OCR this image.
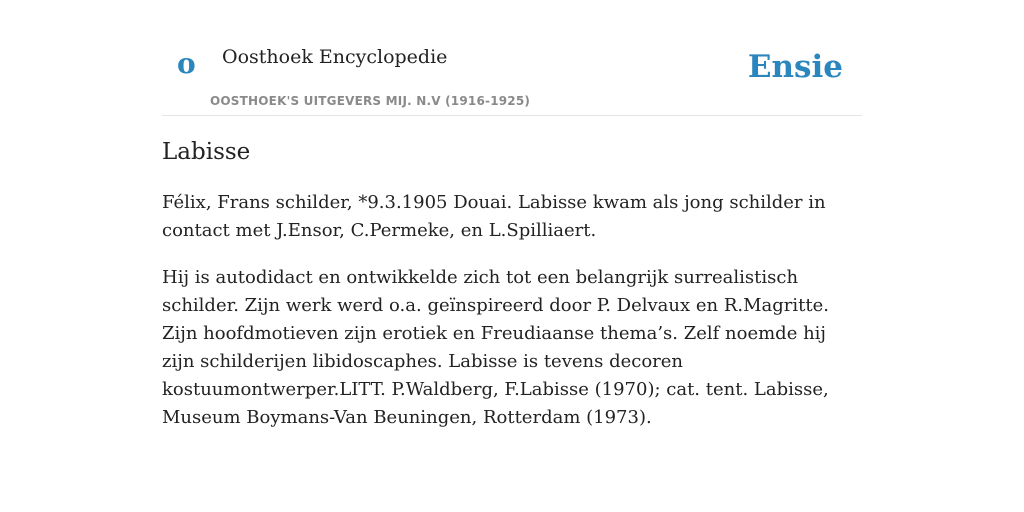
o Oosthoek Encyclopedie
OOSTHOEK'S UITGEVERS MIJ. N.V (1916-1925)
Ensie
Labisse

Félix, Frans schilder, *9.3.1905 Douai. Labisse kwam als jong schilder in contact met J.Ensor, C.Permeke, en L.Spilliaert.

Hij is autodidact en ontwikkelde zich tot een belangrijk surrealistisch schilder. Zijn werk werd o.a. geïnspireerd door P. Delvaux en R.Magritte. Zijn hoofdmotieven zijn erotiek en Freudiaanse thema’s. Zelf noemde hij zijn schilderijen libidoscaphes. Labisse is tevens decoren kostuumontwerper.LITT. P.Waldberg, F.Labisse (1970); cat. tent. Labisse, Museum Boymans-Van Beuningen, Rotterdam (1973).
